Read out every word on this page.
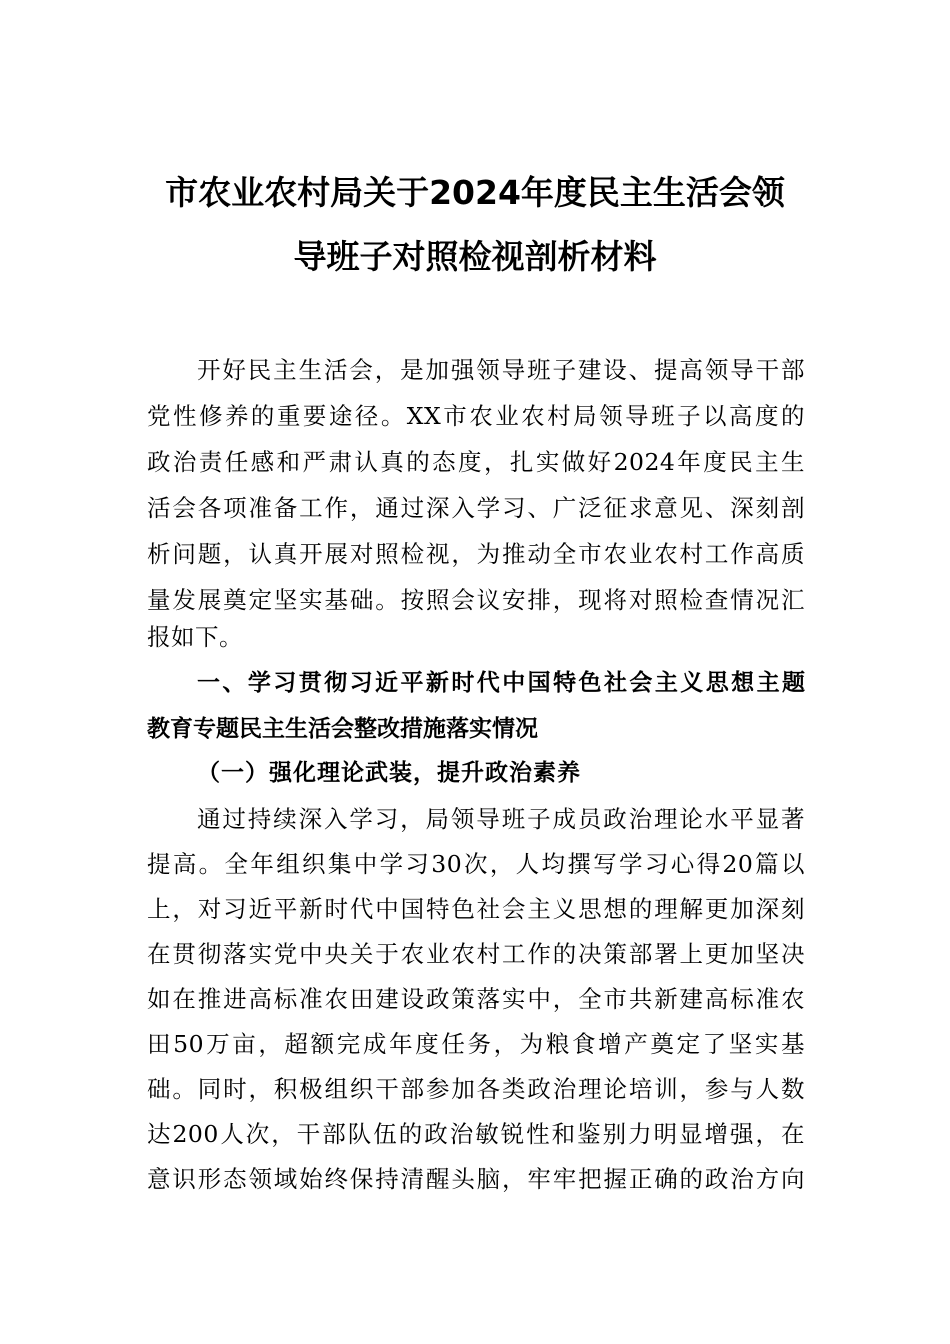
市农业农村局关于2024年度民主生活会领
导班子对照检视剖析材料

开好民主生活会，是加强领导班子建设、提高领导干部

党性修养的重要途径。XX市农业农村局领导班子以高度的

政治责任感和严肃认真的态度，扎实做好2024年度民主生

活会各项准备工作，通过深入学习、广泛征求意见、深刻剖

析问题，认真开展对照检视，为推动全市农业农村工作高质

量发展奠定坚实基础。按照会议安排，现将对照检查情况汇

报如下。

一、学习贯彻习近平新时代中国特色社会主义思想主题
教育专题民主生活会整改措施落实情况
（一）强化理论武装，提升政治素养

通过持续深入学习，局领导班子成员政治理论水平显著

提高。全年组织集中学习30次，人均撰写学习心得20篇以

上，对习近平新时代中国特色社会主义思想的理解更加深刻

在贯彻落实党中央关于农业农村工作的决策部署上更加坚决

如在推进高标准农田建设政策落实中，全市共新建高标准农

田50万亩，超额完成年度任务，为粮食增产奠定了坚实基

础。同时，积极组织干部参加各类政治理论培训，参与人数

达200人次，干部队伍的政治敏锐性和鉴别力明显增强，在

意识形态领域始终保持清醒头脑，牢牢把握正确的政治方向
